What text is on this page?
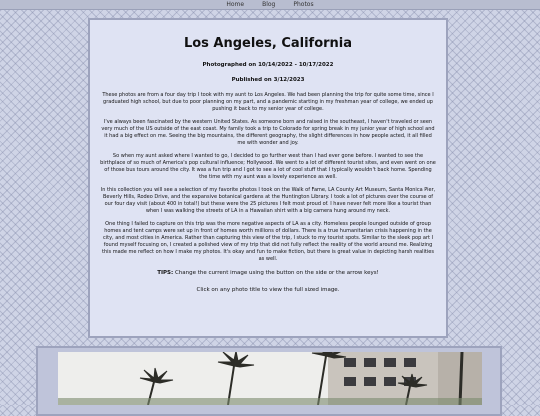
Home	Blog	Photos
Los Angeles, California

Photographed on 10/14/2022 - 10/17/2022

Published on 3/12/2023

These photos are from a four day trip I took with my aunt to Los Angeles. We had been planning the trip for quite some time, since I graduated high school, but due to poor planning on my part, and a pandemic starting in my freshman year of college, we ended up pushing it back to my senior year of college.

I've always been fascinated by the western United States. As someone born and raised in the southeast, I haven't traveled or seen very much of the US outside of the east coast. My family took a trip to Colorado for spring break in my junior year of high school and it had a big effect on me. Seeing the big mountains, the different geography, the slight differences in how people acted, it all filled me with wonder and joy.

So when my aunt asked where I wanted to go, I decided to go further west than I had ever gone before. I wanted to see the birthplace of so much of America's pop cultural influence; Hollywood. We went to a lot of different tourist sites, and even went on one of those bus tours around the city. It was a fun trip and I got to see a lot of cool stuff that I typically wouldn't back home. Spending the time with my aunt was a lovely experience as well.

In this collection you will see a selection of my favorite photos I took on the Walk of Fame, LA County Art Museum, Santa Monica Pier, Beverly Hills, Rodeo Drive, and the expansive botanical gardens at the Huntington Library. I took a lot of pictures over the course of our four day visit (about 400 in total!) but these were the 25 pictures I felt most proud of. I have never felt more like a tourist than when I was walking the streets of LA in a Hawaiian shirt with a big camera hung around my neck.

One thing I failed to capture on this trip was the more negative aspects of LA as a city. Homeless people lounged outside of group homes and tent camps were set up in front of homes worth millions of dollars. There is a true humanitarian crisis happening in the city, and most cities in America. Rather than capturing this view of the trip, I stuck to my tourist spots. Similar to the sleek pop art I found myself focusing on, I created a polished view of my trip that did not fully reflect the reality of the world around me. Realizing this made me reflect on how I make my photos. It's okay and fun to make fiction, but there is great value in depicting harsh realities as well.

TIPS: Change the current image using the button on the side or the arrow keys!

Click on any photo title to view the full sized image.
